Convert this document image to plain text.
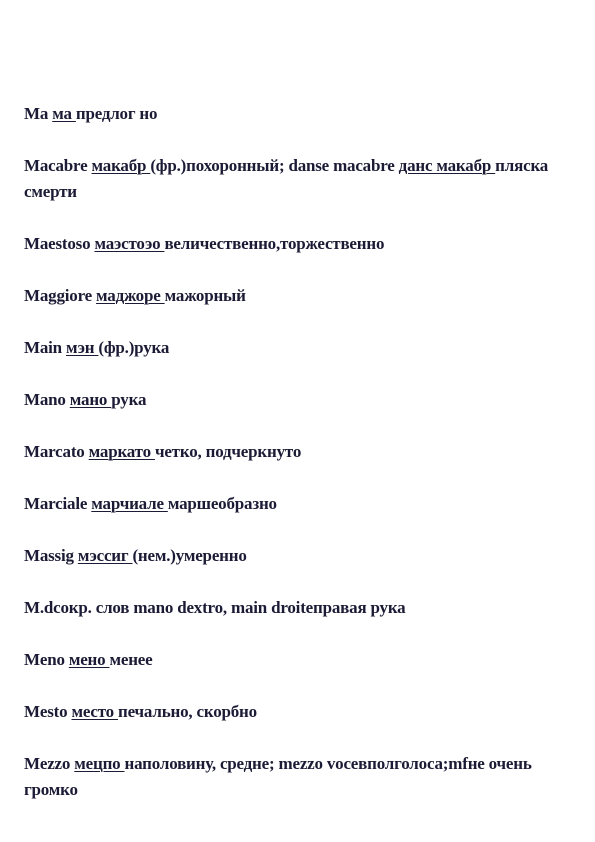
Ma ма предлог но
Macabre макабр (фр.)похоронный; danse macabre данс макабр пляска смерти
Maestoso маэстоэо величественно,торжественно
Maggiore маджоре мажорный
Main мэн (фр.)рука
Mano мано рука
Marcato маркато четко, подчеркнуто
Marciale марчиале маршеобразно
Massig мэссиг (нем.)умеренно
M.dсокр. слов mano dextro, main droiteправая рука
Meno мено менее
Mesto место печально, скорбно
Mezzo мецпо наполовину, средне; mezzo vocевполголоса;mfне очень громко
